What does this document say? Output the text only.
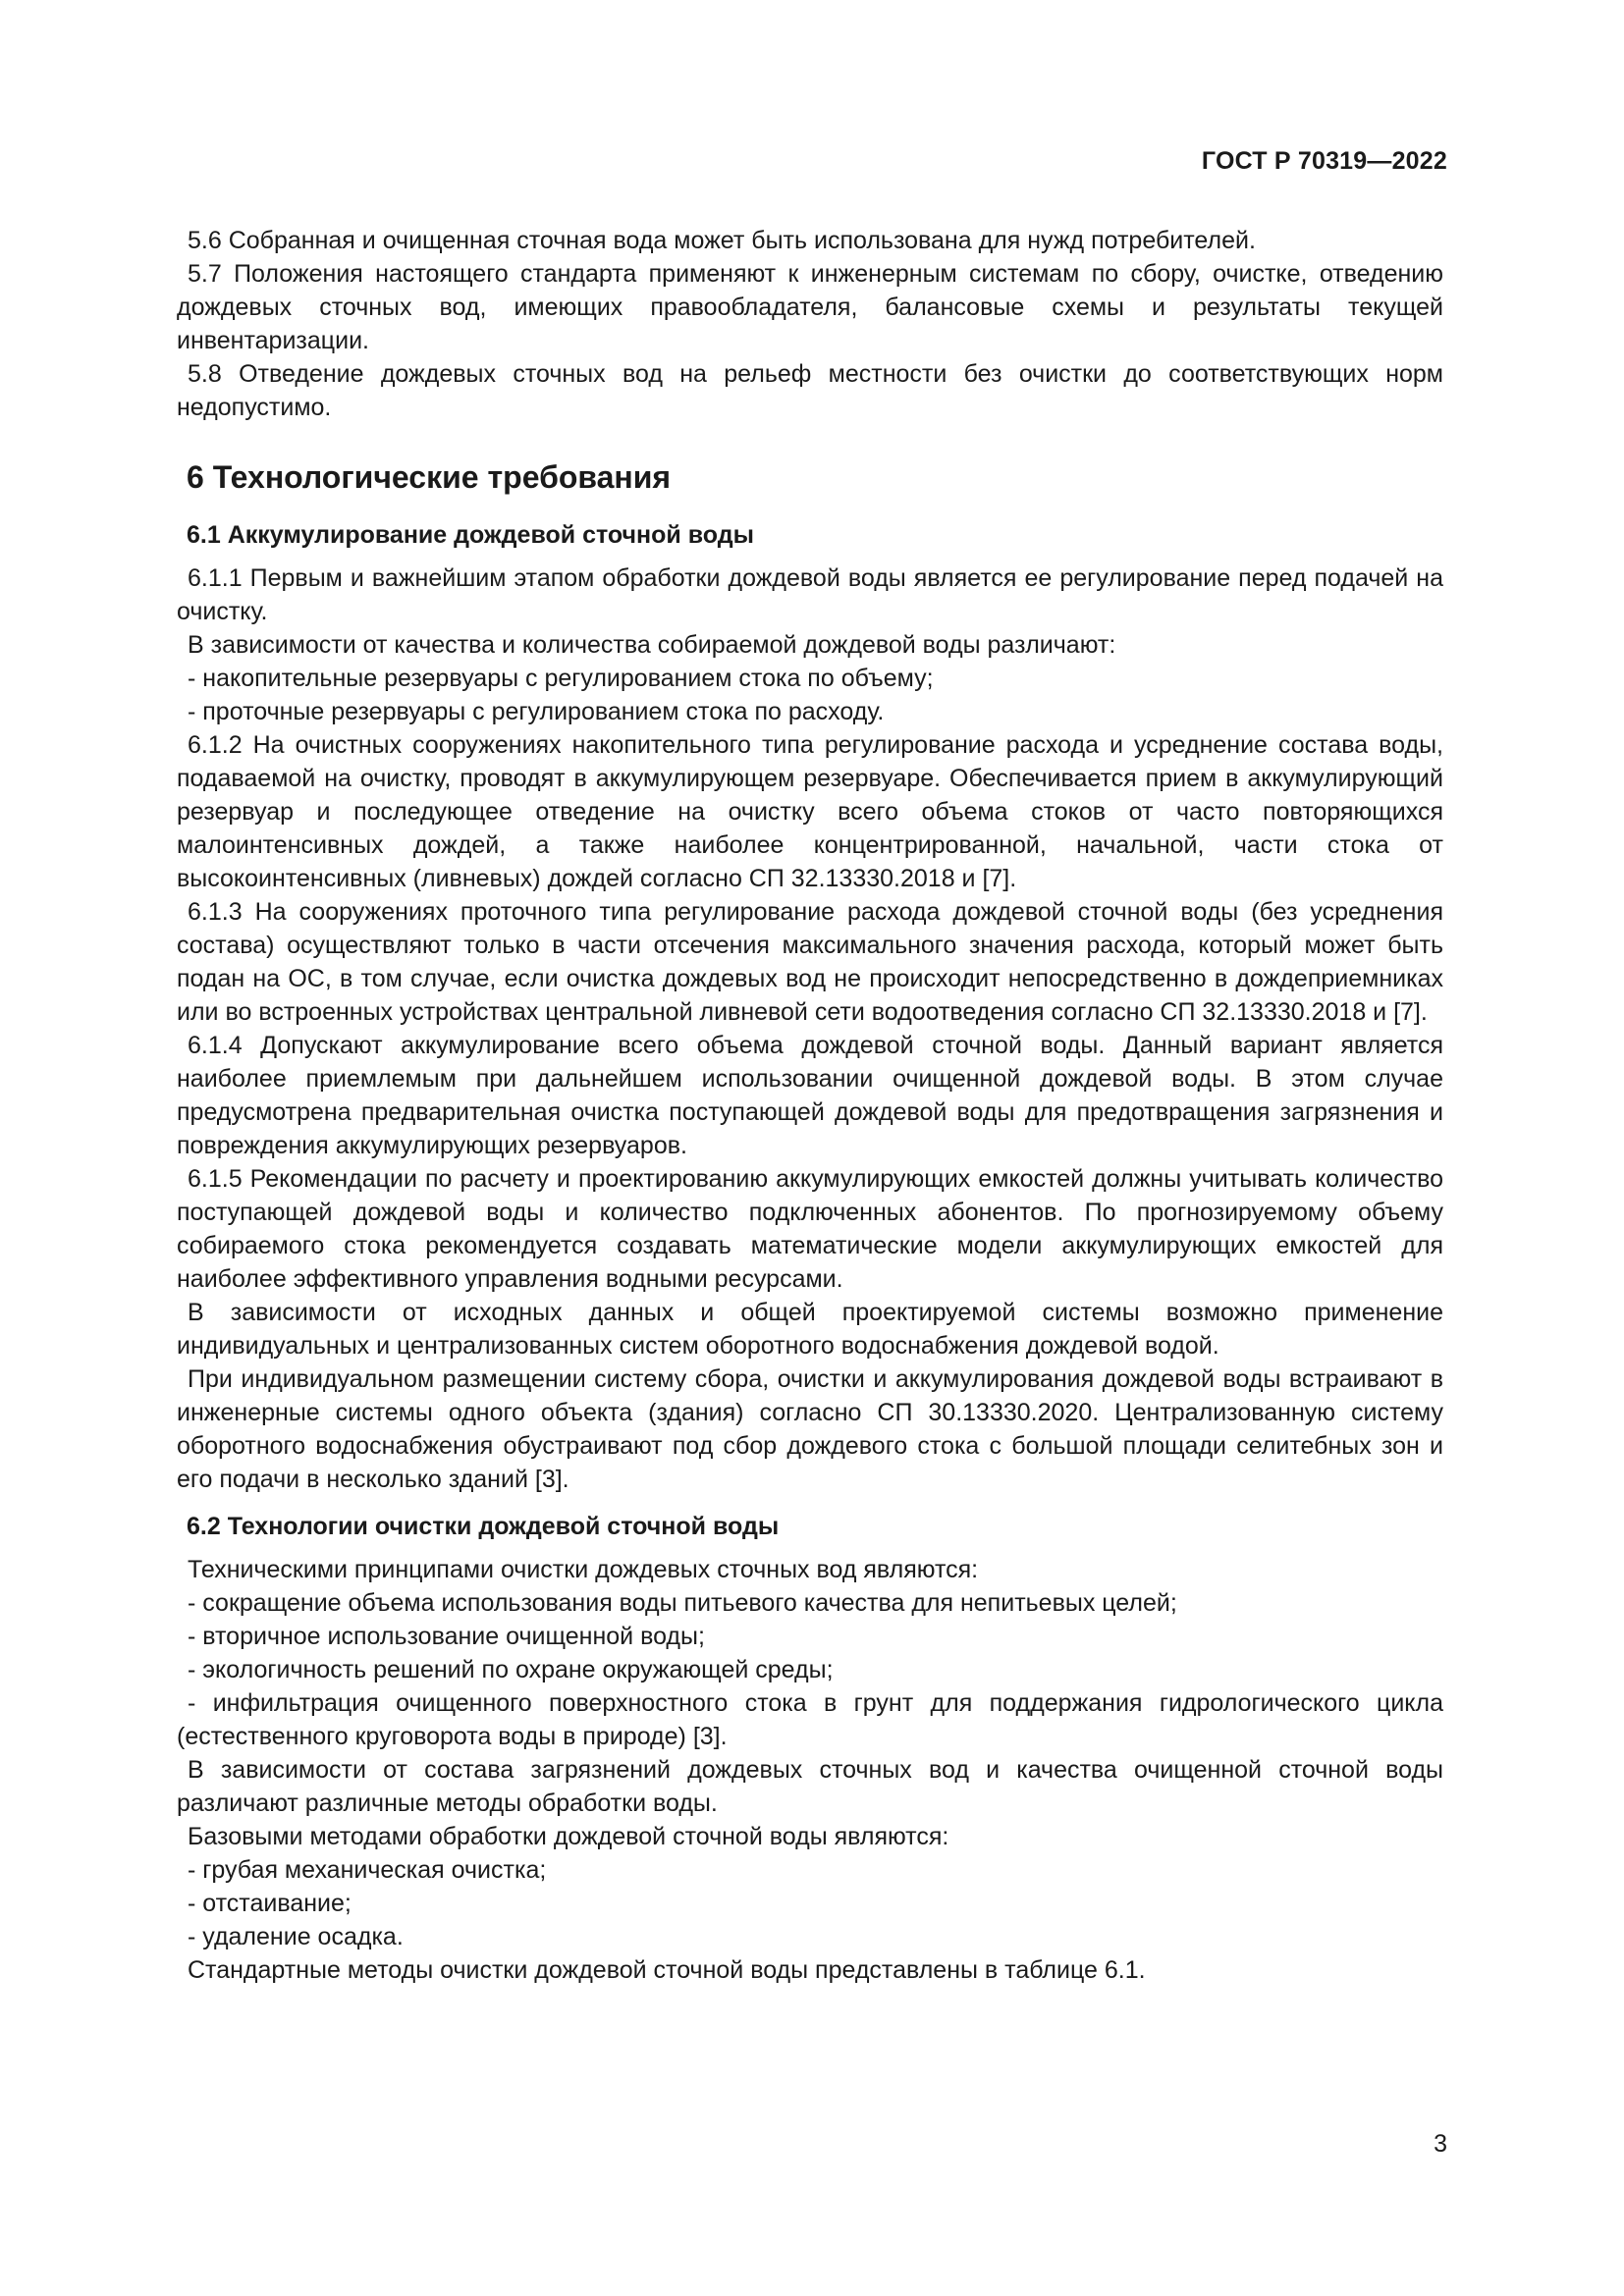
ГОСТ Р 70319—2022

5.6 Собранная и очищенная сточная вода может быть использована для нужд потребителей.

5.7 Положения настоящего стандарта применяют к инженерным системам по сбору, очистке, отведению дождевых сточных вод, имеющих правообладателя, балансовые схемы и результаты текущей инвентаризации.

5.8 Отведение дождевых сточных вод на рельеф местности без очистки до соответствующих норм недопустимо.

6 Технологические требования
6.1 Аккумулирование дождевой сточной воды

6.1.1 Первым и важнейшим этапом обработки дождевой воды является ее регулирование перед подачей на очистку.

В зависимости от качества и количества собираемой дождевой воды различают:

- накопительные резервуары с регулированием стока по объему;

- проточные резервуары с регулированием стока по расходу.

6.1.2 На очистных сооружениях накопительного типа регулирование расхода и усреднение состава воды, подаваемой на очистку, проводят в аккумулирующем резервуаре. Обеспечивается прием в аккумулирующий резервуар и последующее отведение на очистку всего объема стоков от часто повторяющихся малоинтенсивных дождей, а также наиболее концентрированной, начальной, части стока от высокоинтенсивных (ливневых) дождей согласно СП 32.13330.2018 и [7].

6.1.3 На сооружениях проточного типа регулирование расхода дождевой сточной воды (без усреднения состава) осуществляют только в части отсечения максимального значения расхода, который может быть подан на ОС, в том случае, если очистка дождевых вод не происходит непосредственно в дождеприемниках или во встроенных устройствах центральной ливневой сети водоотведения согласно СП 32.13330.2018 и [7].

6.1.4 Допускают аккумулирование всего объема дождевой сточной воды. Данный вариант является наиболее приемлемым при дальнейшем использовании очищенной дождевой воды. В этом случае предусмотрена предварительная очистка поступающей дождевой воды для предотвращения загрязнения и повреждения аккумулирующих резервуаров.

6.1.5 Рекомендации по расчету и проектированию аккумулирующих емкостей должны учитывать количество поступающей дождевой воды и количество подключенных абонентов. По прогнозируемому объему собираемого стока рекомендуется создавать математические модели аккумулирующих емкостей для наиболее эффективного управления водными ресурсами.

В зависимости от исходных данных и общей проектируемой системы возможно применение индивидуальных и централизованных систем оборотного водоснабжения дождевой водой.

При индивидуальном размещении систему сбора, очистки и аккумулирования дождевой воды встраивают в инженерные системы одного объекта (здания) согласно СП 30.13330.2020. Централизованную систему оборотного водоснабжения обустраивают под сбор дождевого стока с большой площади селитебных зон и его подачи в несколько зданий [3].

6.2 Технологии очистки дождевой сточной воды

Техническими принципами очистки дождевых сточных вод являются:

- сокращение объема использования воды питьевого качества для непитьевых целей;

- вторичное использование очищенной воды;

- экологичность решений по охране окружающей среды;

- инфильтрация очищенного поверхностного стока в грунт для поддержания гидрологического цикла (естественного круговорота воды в природе) [3].

В зависимости от состава загрязнений дождевых сточных вод и качества очищенной сточной воды различают различные методы обработки воды.

Базовыми методами обработки дождевой сточной воды являются:

- грубая механическая очистка;

- отстаивание;

- удаление осадка.

Стандартные методы очистки дождевой сточной воды представлены в таблице 6.1.

3
